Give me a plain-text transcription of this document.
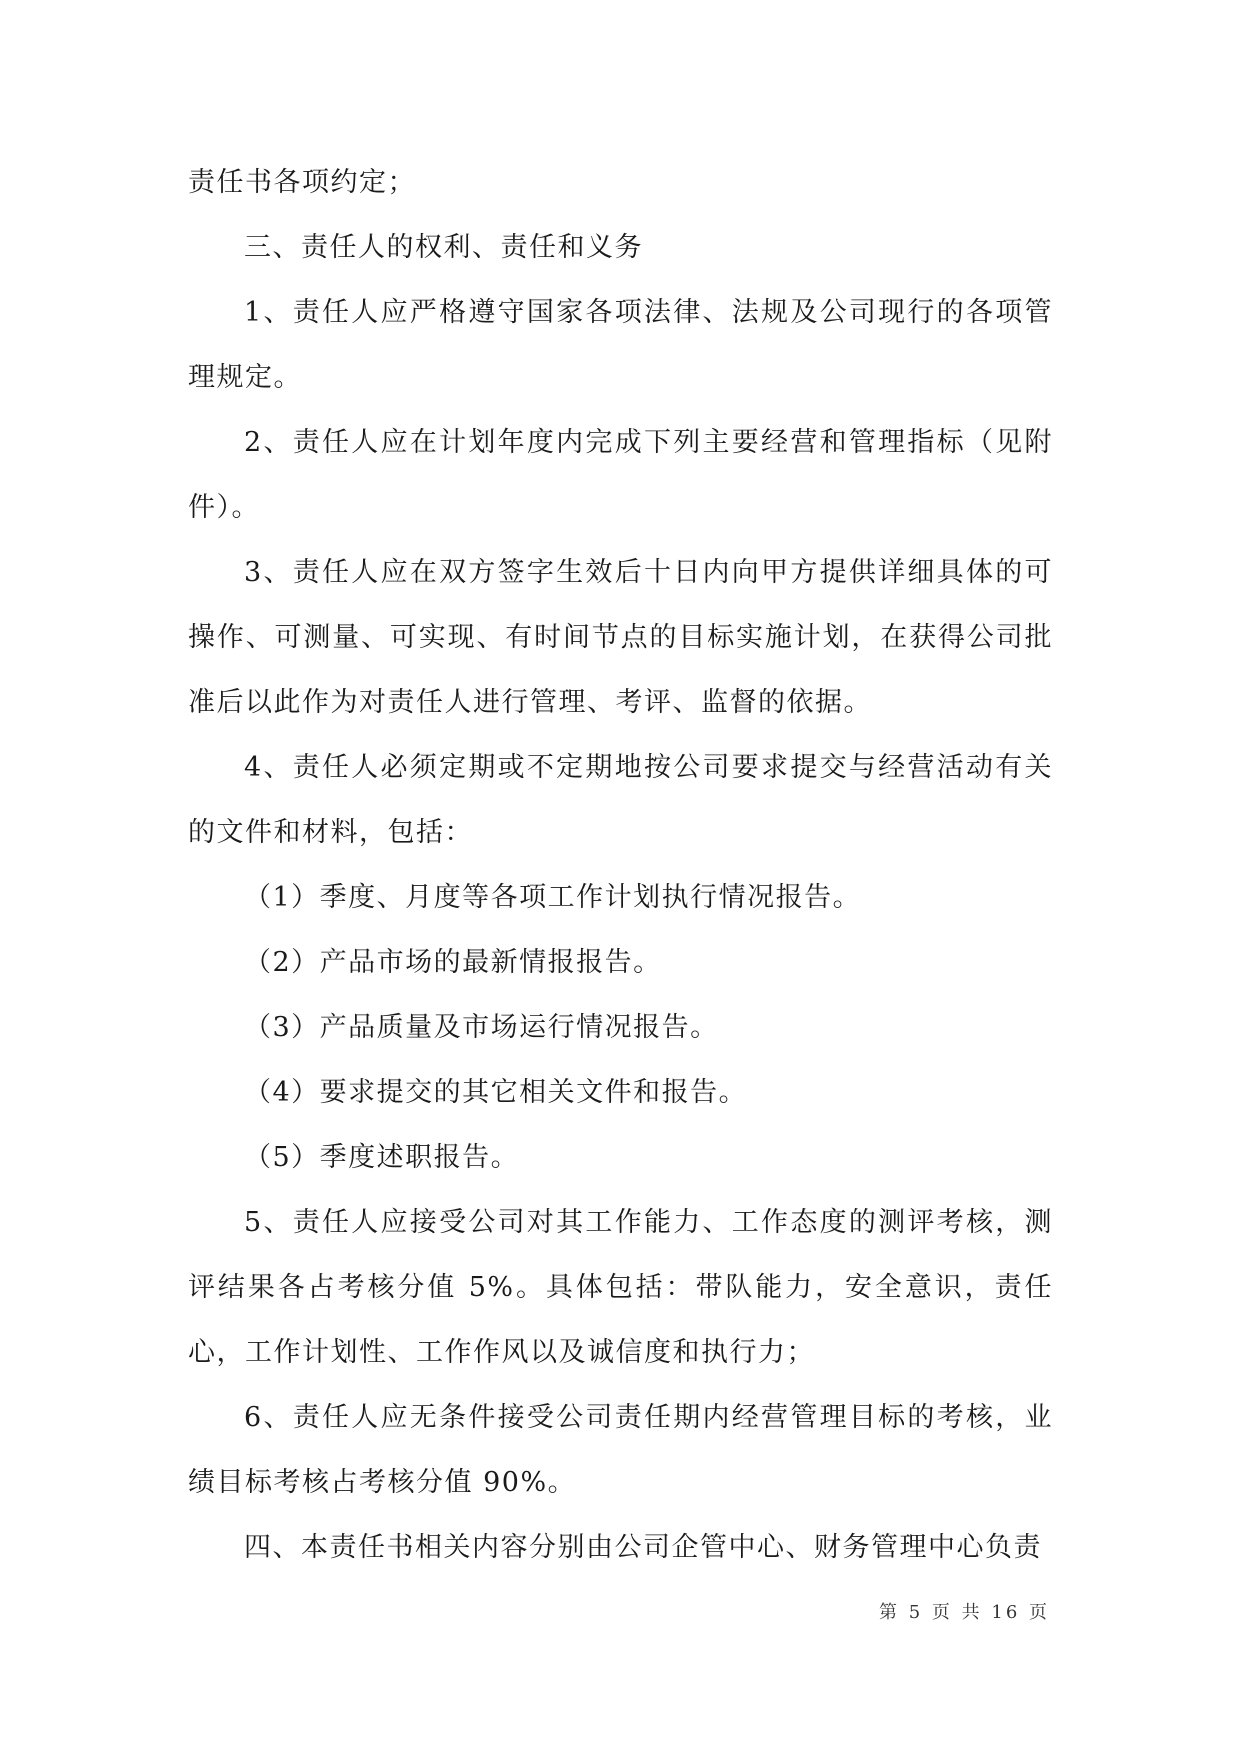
责任书各项约定；

三、责任人的权利、责任和义务

1、责任人应严格遵守国家各项法律、法规及公司现行的各项管理规定。

2、责任人应在计划年度内完成下列主要经营和管理指标（见附件）。

3、责任人应在双方签字生效后十日内向甲方提供详细具体的可操作、可测量、可实现、有时间节点的目标实施计划，在获得公司批准后以此作为对责任人进行管理、考评、监督的依据。

4、责任人必须定期或不定期地按公司要求提交与经营活动有关的文件和材料，包括：

（1）季度、月度等各项工作计划执行情况报告。

（2）产品市场的最新情报报告。

（3）产品质量及市场运行情况报告。

（4）要求提交的其它相关文件和报告。

（5）季度述职报告。

5、责任人应接受公司对其工作能力、工作态度的测评考核，测评结果各占考核分值 5%。具体包括：带队能力，安全意识，责任心，工作计划性、工作作风以及诚信度和执行力；

6、责任人应无条件接受公司责任期内经营管理目标的考核，业绩目标考核占考核分值 90%。

四、本责任书相关内容分别由公司企管中心、财务管理中心负责

第 5 页 共 16 页
